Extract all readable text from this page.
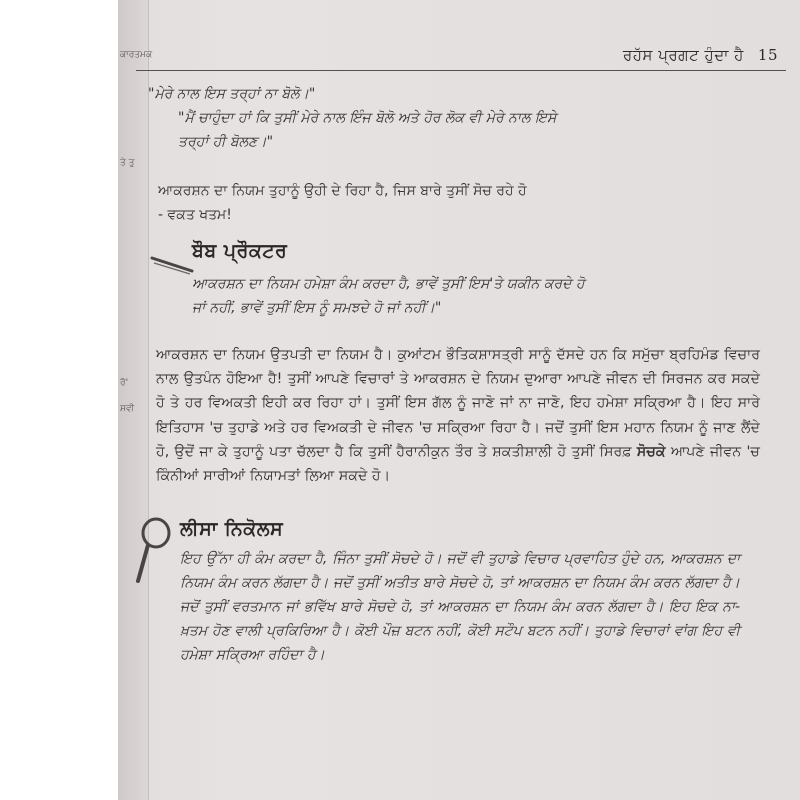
ਕਾਰਤਮਕ
ਤੇ ਤੁ
ਰੋ'
ਸਵੀ
ਰਹੱਸ ਪ੍ਰਗਟ ਹੁੰਦਾ ਹੈ 15
"ਮੇਰੇ ਨਾਲ ਇਸ ਤਰ੍ਹਾਂ ਨਾ ਬੋਲੋ।"
"ਮੈਂ ਚਾਹੁੰਦਾ ਹਾਂ ਕਿ ਤੁਸੀਂ ਮੇਰੇ ਨਾਲ ਇੰਜ ਬੋਲੋ ਅਤੇ ਹੋਰ ਲੋਕ ਵੀ ਮੇਰੇ ਨਾਲ ਇਸੇ
ਤਰ੍ਹਾਂ ਹੀ ਬੋਲਣ।"
ਆਕਰਸ਼ਨ ਦਾ ਨਿਯਮ ਤੁਹਾਨੂੰ ਉਹੀ ਦੇ ਰਿਹਾ ਹੈ, ਜਿਸ ਬਾਰੇ ਤੁਸੀਂ ਸੋਚ ਰਹੇ ਹੋ
- ਵਕਤ ਖਤਮ!
ਬੌਬ ਪ੍ਰੌਕਟਰ
ਆਕਰਸ਼ਨ ਦਾ ਨਿਯਮ ਹਮੇਸ਼ਾ ਕੰਮ ਕਰਦਾ ਹੈ, ਭਾਵੇਂ ਤੁਸੀਂ ਇਸ'ਤੇ ਯਕੀਨ ਕਰਦੇ ਹੋ
ਜਾਂ ਨਹੀਂ, ਭਾਵੇਂ ਤੁਸੀਂ ਇਸ ਨੂੰ ਸਮਝਦੇ ਹੋ ਜਾਂ ਨਹੀਂ।"
ਆਕਰਸ਼ਨ ਦਾ ਨਿਯਮ ਉਤਪਤੀ ਦਾ ਨਿਯਮ ਹੈ। ਕੁਆਂਟਮ ਭੌਤਿਕਸ਼ਾਸਤ੍ਰੀ ਸਾਨੂੰ ਦੱਸਦੇ ਹਨ ਕਿ ਸਮੁੱਚਾ ਬ੍ਰਹਿਮੰਡ ਵਿਚਾਰ ਨਾਲ ਉਤਪੰਨ ਹੋਇਆ ਹੈ! ਤੁਸੀਂ ਆਪਣੇ ਵਿਚਾਰਾਂ ਤੇ ਆਕਰਸ਼ਨ ਦੇ ਨਿਯਮ ਦੁਆਰਾ ਆਪਣੇ ਜੀਵਨ ਦੀ ਸਿਰਜਨ ਕਰ ਸਕਦੇ ਹੋ ਤੇ ਹਰ ਵਿਅਕਤੀ ਇਹੀ ਕਰ ਰਿਹਾ ਹਾਂ। ਤੁਸੀਂ ਇਸ ਗੱਲ ਨੂੰ ਜਾਣੋ ਜਾਂ ਨਾ ਜਾਣੋ, ਇਹ ਹਮੇਸ਼ਾ ਸਕ੍ਰਿਆ ਹੈ। ਇਹ ਸਾਰੇ ਇਤਿਹਾਸ 'ਚ ਤੁਹਾਡੇ ਅਤੇ ਹਰ ਵਿਅਕਤੀ ਦੇ ਜੀਵਨ 'ਚ ਸਕ੍ਰਿਆ ਰਿਹਾ ਹੈ। ਜਦੋਂ ਤੁਸੀਂ ਇਸ ਮਹਾਨ ਨਿਯਮ ਨੂੰ ਜਾਣ ਲੈਂਦੇ ਹੋ, ਉਦੋਂ ਜਾ ਕੇ ਤੁਹਾਨੂੰ ਪਤਾ ਚੱਲਦਾ ਹੈ ਕਿ ਤੁਸੀਂ ਹੈਰਾਨੀਕੁਨ ਤੌਰ ਤੇ ਸ਼ਕਤੀਸ਼ਾਲੀ ਹੋ ਤੁਸੀਂ ਸਿਰਫ਼ ਸੋਚਕੇ ਆਪਣੇ ਜੀਵਨ 'ਚ ਕਿੰਨੀਆਂ ਸਾਰੀਆਂ ਨਿਯਾਮਤਾਂ ਲਿਆ ਸਕਦੇ ਹੋ।
ਲੀਸਾ ਨਿਕੋਲਸ
ਇਹ ਉੱਨਾ ਹੀ ਕੰਮ ਕਰਦਾ ਹੈ, ਜਿੰਨਾ ਤੁਸੀਂ ਸੋਚਦੇ ਹੋ। ਜਦੋਂ ਵੀ ਤੁਹਾਡੇ ਵਿਚਾਰ ਪ੍ਰਵਾਹਿਤ ਹੁੰਦੇ ਹਨ, ਆਕਰਸ਼ਨ ਦਾ ਨਿਯਮ ਕੰਮ ਕਰਨ ਲੱਗਦਾ ਹੈ। ਜਦੋਂ ਤੁਸੀਂ ਅਤੀਤ ਬਾਰੇ ਸੋਚਦੇ ਹੋ, ਤਾਂ ਆਕਰਸ਼ਨ ਦਾ ਨਿਯਮ ਕੰਮ ਕਰਨ ਲੱਗਦਾ ਹੈ। ਜਦੋਂ ਤੁਸੀਂ ਵਰਤਮਾਨ ਜਾਂ ਭਵਿੱਖ ਬਾਰੇ ਸੋਚਦੇ ਹੋ, ਤਾਂ ਆਕਰਸ਼ਨ ਦਾ ਨਿਯਮ ਕੰਮ ਕਰਨ ਲੱਗਦਾ ਹੈ। ਇਹ ਇਕ ਨਾ-ਖ਼ਤਮ ਹੋਣ ਵਾਲੀ ਪ੍ਰਕਿਰਿਆ ਹੈ। ਕੋਈ ਪੌਜ਼ ਬਟਨ ਨਹੀਂ, ਕੋਈ ਸਟੌਪ ਬਟਨ ਨਹੀਂ। ਤੁਹਾਡੇ ਵਿਚਾਰਾਂ ਵਾਂਗ ਇਹ ਵੀ ਹਮੇਸ਼ਾ ਸਕ੍ਰਿਆ ਰਹਿੰਦਾ ਹੈ।
